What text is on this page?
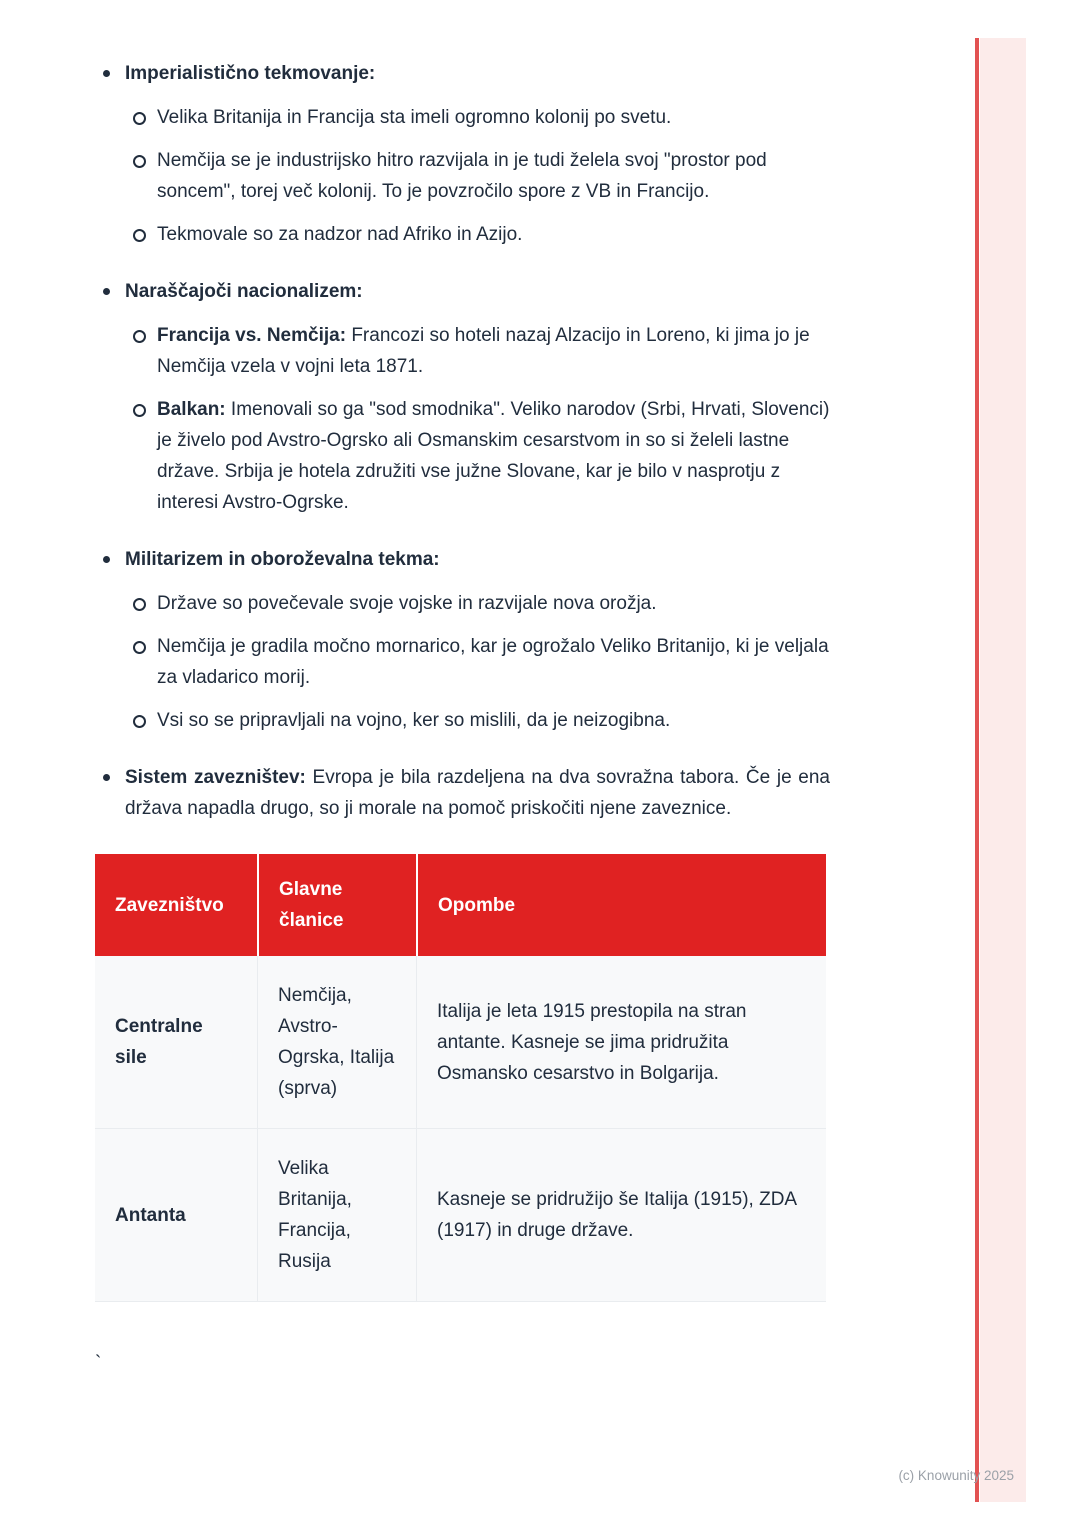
Imperialistično tekmovanje:
Velika Britanija in Francija sta imeli ogromno kolonij po svetu.
Nemčija se je industrijsko hitro razvijala in je tudi želela svoj "prostor pod soncem", torej več kolonij. To je povzročilo spore z VB in Francijo.
Tekmovale so za nadzor nad Afriko in Azijo.
Naraščajoči nacionalizem:
Francija vs. Nemčija: Francozi so hoteli nazaj Alzacijo in Loreno, ki jima jo je Nemčija vzela v vojni leta 1871.
Balkan: Imenovali so ga "sod smodnika". Veliko narodov (Srbi, Hrvati, Slovenci) je živelo pod Avstro-Ogrsko ali Osmanskim cesarstvom in so si želeli lastne države. Srbija je hotela združiti vse južne Slovane, kar je bilo v nasprotju z interesi Avstro-Ogrske.
Militarizem in oboroževalna tekma:
Države so povečevale svoje vojske in razvijale nova orožja.
Nemčija je gradila močno mornarico, kar je ogrožalo Veliko Britanijo, ki je veljala za vladarico morij.
Vsi so se pripravljali na vojno, ker so mislili, da je neizogibna.
Sistem zavezništev: Evropa je bila razdeljena na dva sovražna tabora. Če je ena država napadla drugo, so ji morale na pomoč priskočiti njene zaveznice.
Zavezništvo
Glavne članice
Opombe
Centralne sile
Nemčija, Avstro-Ogrska, Italija (sprva)
Italija je leta 1915 prestopila na stran antante. Kasneje se jima pridružita Osmansko cesarstvo in Bolgarija.
Antanta
Velika Britanija, Francija, Rusija
Kasneje se pridružijo še Italija (1915), ZDA (1917) in druge države.
`
(c) Knowunity 2025
